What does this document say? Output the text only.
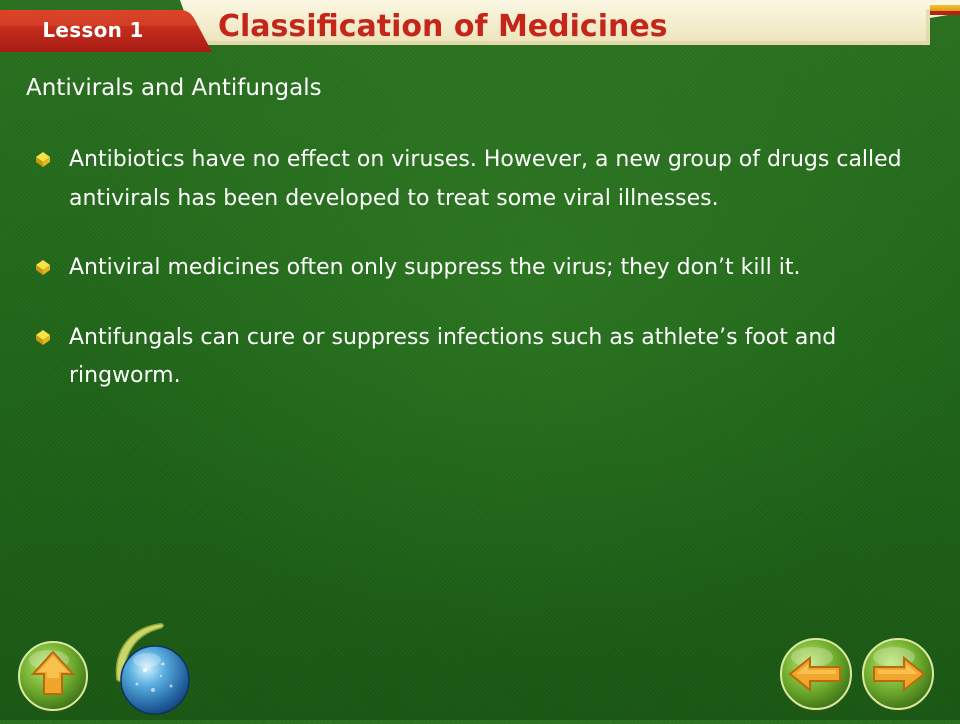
Lesson 1	Classification of Medicines
Antivirals and Antifungals
Antibiotics have no effect on viruses. However, a new group of drugs called antivirals has been developed to treat some viral illnesses.
Antiviral medicines often only suppress the virus; they don’t kill it.
Antifungals can cure or suppress infections such as athlete’s foot and ringworm.
